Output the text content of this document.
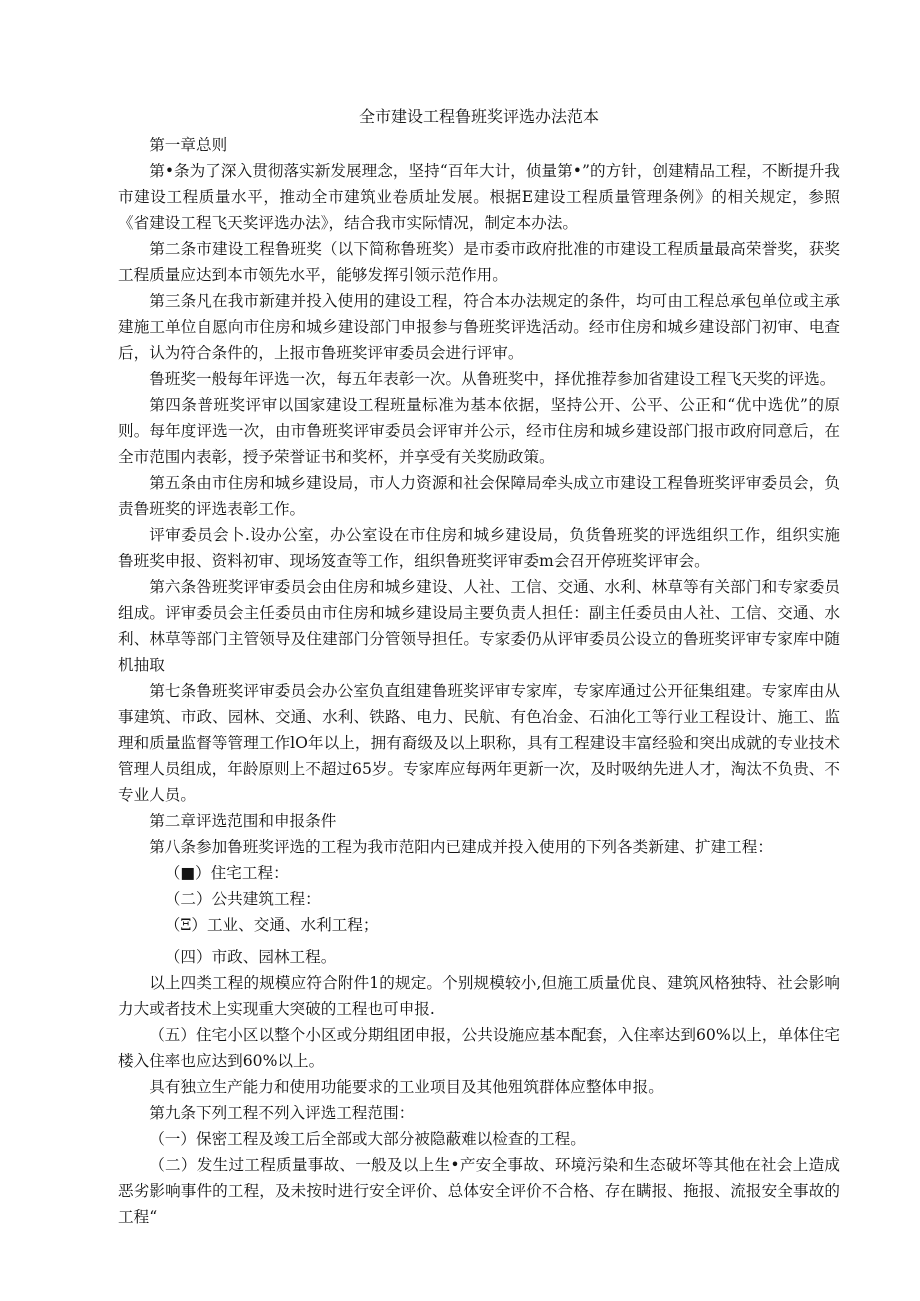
全市建设工程鲁班奖评选办法范本

第一章总则

第•条为了深入贯彻落实新发展理念，坚持“百年大计，侦量第•”的方针，创建精品工程，不断提升我市建设工程质量水平，推动全市建筑业卷质址发展。根据E建设工程质量管理条例》的相关规定，参照《省建设工程飞天奖评选办法》，结合我市实际情况，制定本办法。

第二条市建设工程鲁班奖（以下简称鲁班奖）是市委市政府批准的市建设工程质量最高荣誉奖，获奖工程质量应达到本市领先水平，能够发挥引领示范作用。

第三条凡在我市新建并投入使用的建设工程，符合本办法规定的条件，均可由工程总承包单位或主承建施工单位自愿向市住房和城乡建设部门申报参与鲁班奖评选活动。经市住房和城乡建设部门初审、电查后，认为符合条件的，上报市鲁班奖评审委员会进行评审。

鲁班奖一般每年评选一次，每五年表彰一次。从鲁班奖中，择优推荐参加省建设工程飞天奖的评选。

第四条普班奖评审以国家建设工程班量标准为基本依据，坚持公开、公平、公正和“优中选优”的原则。每年度评选一次，由市鲁班奖评审委员会评审并公示，经市住房和城乡建设部门报市政府同意后，在全市范围内表彰，授予荣誉证书和奖杯，并享受有关奖励政策。

第五条由市住房和城乡建设局，市人力资源和社会保障局牵头成立市建设工程鲁班奖评审委员会，负责鲁班奖的评选表彰工作。

评审委员会卜.设办公室，办公室设在市住房和城乡建设局，负货鲁班奖的评选组织工作，组织实施鲁班奖申报、资料初审、现场笈查等工作，组织鲁班奖评审委m会召开停班奖评审会。

第六条咎班奖评审委员会由住房和城乡建设、人社、工信、交通、水利、林草等有关部门和专家委员组成。评审委员会主任委员由市住房和城乡建设局主要负责人担任：副主任委员由人社、工信、交通、水利、林草等部门主管领导及住建部门分管领导担任。专家委仍从评审委员公设立的鲁班奖评审专家库中随机抽取

第七条鲁班奖评审委员会办公室负直组建鲁班奖评审专家库，专家库通过公开征集组建。专家库由从事建筑、市政、园林、交通、水利、铁路、电力、民航、有色冶金、石油化工等行业工程设计、施工、监理和质量监督等管理工作lO年以上，拥有裔级及以上职称，具有工程建设丰富经验和突出成就的专业技术管理人员组成，年龄原则上不超过65岁。专家库应每两年更新一次，及时吸纳先进人才，淘汰不负贵、不专业人员。

第二章评选范围和申报条件

第八条参加鲁班奖评选的工程为我市范阳内已建成并投入使用的下列各类新建、扩建工程：

（■）住宅工程：

（二）公共建筑工程：

（Ξ）工业、交通、水利工程；

（四）市政、园林工程。

以上四类工程的规模应符合附件1的规定。个别规模较小,但施工质量优良、建筑风格独特、社会影响力大或者技术上实现重大突破的工程也可申报.

（五）住宅小区以整个小区或分期组团申报，公共设施应基本配套，入住率达到60%以上，单体住宅楼入住率也应达到60%以上。

具有独立生产能力和使用功能要求的工业项目及其他殂筑群体应整体申报。

第九条下列工程不列入评选工程范围：

（一）保密工程及竣工后全部或大部分被隐蔽难以检查的工程。

（二）发生过工程质量事故、一般及以上生•产安全事故、环境污染和生态破坏等其他在社会上造成恶劣影响事件的工程，及未按时进行安全评价、总体安全评价不合格、存在瞒报、拖报、流报安全事故的工程“
